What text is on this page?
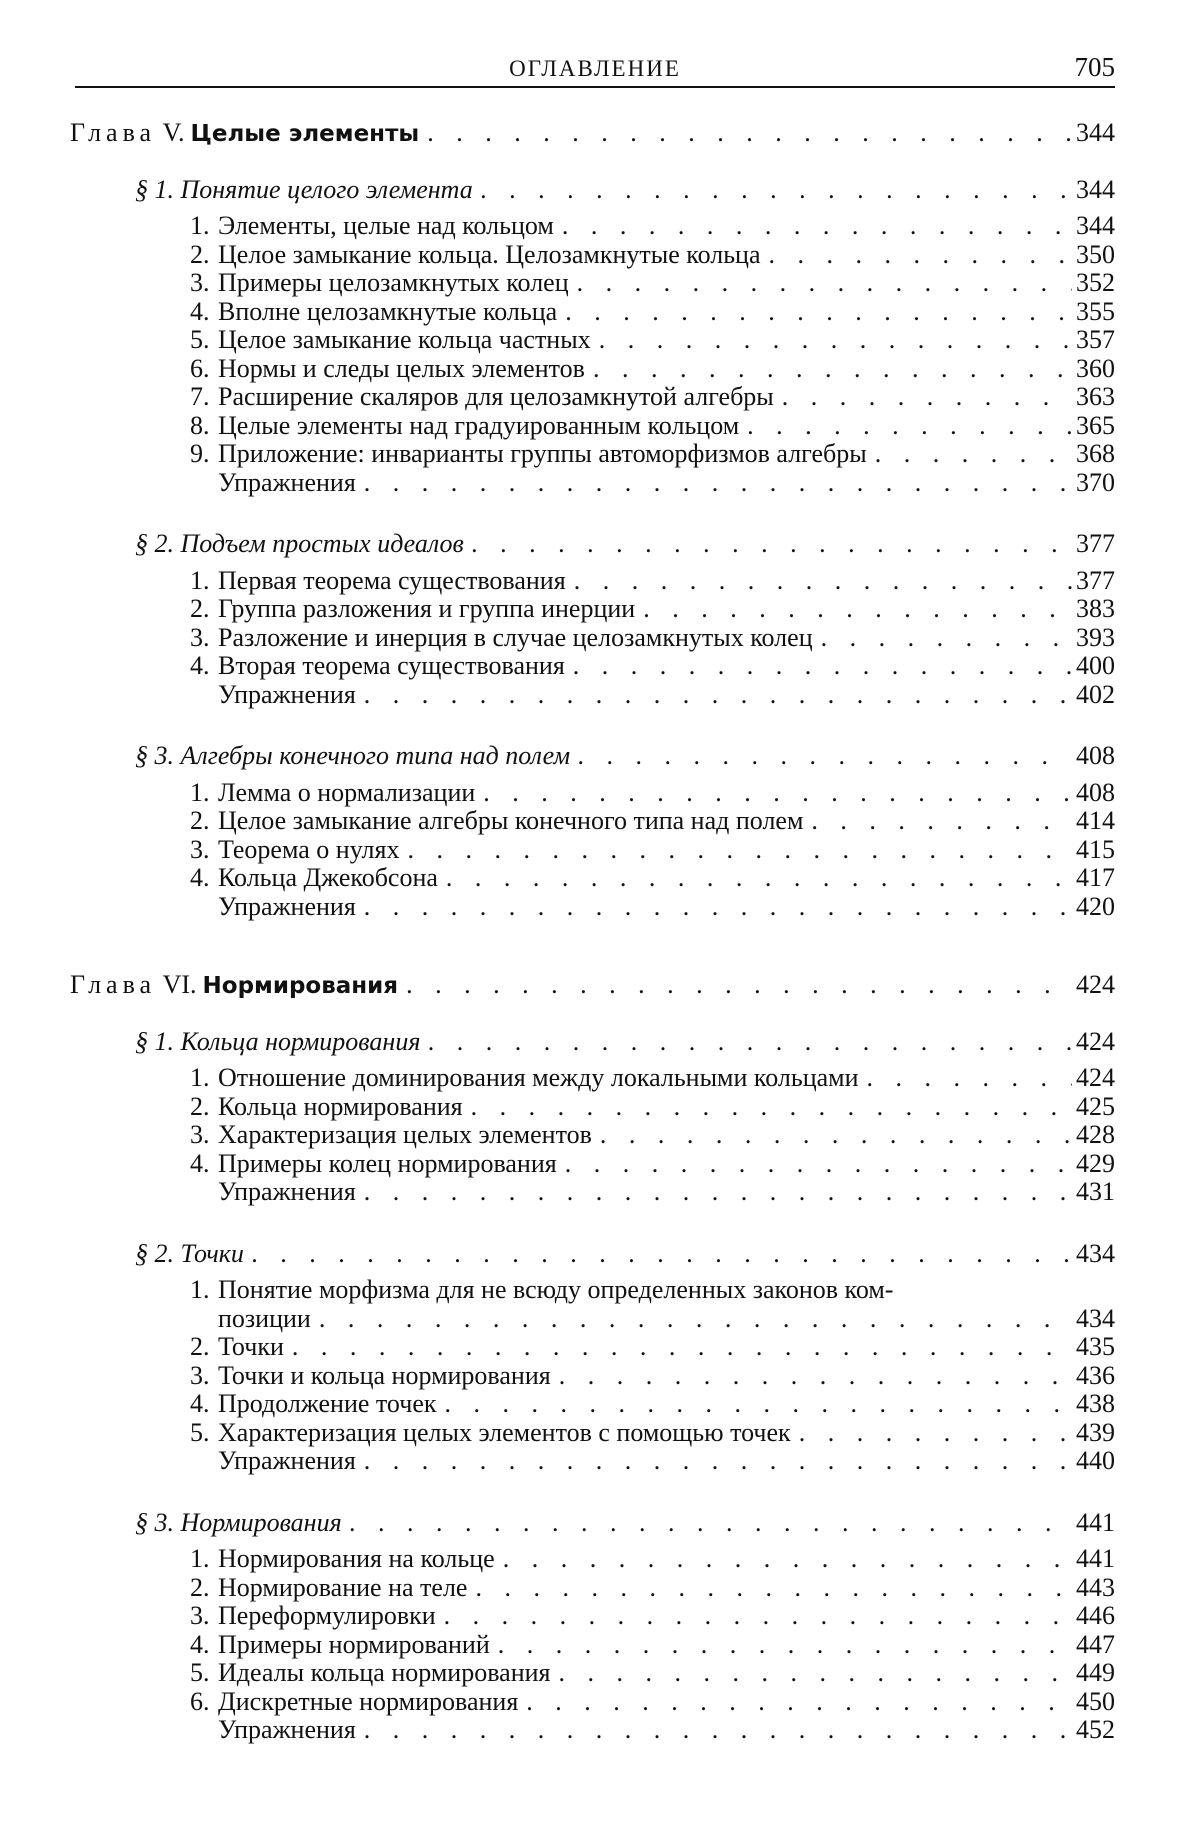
ОГЛАВЛЕНИЕ	705
Глава V. Целые элементы . . .	344
§ 1. Понятие целого элемента . . .	344
1. Элементы, целые над кольцом . . .	344
2. Целое замыкание кольца. Целозамкнутые кольца . . .	350
3. Примеры целозамкнутых колец . . .	352
4. Вполне целозамкнутые кольца . . .	355
5. Целое замыкание кольца частных . . .	357
6. Нормы и следы целых элементов . . .	360
7. Расширение скаляров для целозамкнутой алгебры . . .	363
8. Целые элементы над градуированным кольцом . . .	365
9. Приложение: инварианты группы автоморфизмов алгебры . . .	368
Упражнения . . .	370
§ 2. Подъем простых идеалов . . .	377
1. Первая теорема существования . . .	377
2. Группа разложения и группа инерции . . .	383
3. Разложение и инерция в случае целозамкнутых колец . . .	393
4. Вторая теорема существования . . .	400
Упражнения . . .	402
§ 3. Алгебры конечного типа над полем . . .	408
1. Лемма о нормализации . . .	408
2. Целое замыкание алгебры конечного типа над полем . . .	414
3. Теорема о нулях . . .	415
4. Кольца Джекобсона . . .	417
Упражнения . . .	420
Глава VI. Нормирования . . .	424
§ 1. Кольца нормирования . . .	424
1. Отношение доминирования между локальными кольцами . . .	424
2. Кольца нормирования . . .	425
3. Характеризация целых элементов . . .	428
4. Примеры колец нормирования . . .	429
Упражнения . . .	431
§ 2. Точки . . .	434
1. Понятие морфизма для не всюду определенных законов ком-
позиции . . .	434
2. Точки . . .	435
3. Точки и кольца нормирования . . .	436
4. Продолжение точек . . .	438
5. Характеризация целых элементов с помощью точек . . .	439
Упражнения . . .	440
§ 3. Нормирования . . .	441
1. Нормирования на кольце . . .	441
2. Нормирование на теле . . .	443
3. Переформулировки . . .	446
4. Примеры нормирований . . .	447
5. Идеалы кольца нормирования . . .	449
6. Дискретные нормирования . . .	450
Упражнения . . .	452
